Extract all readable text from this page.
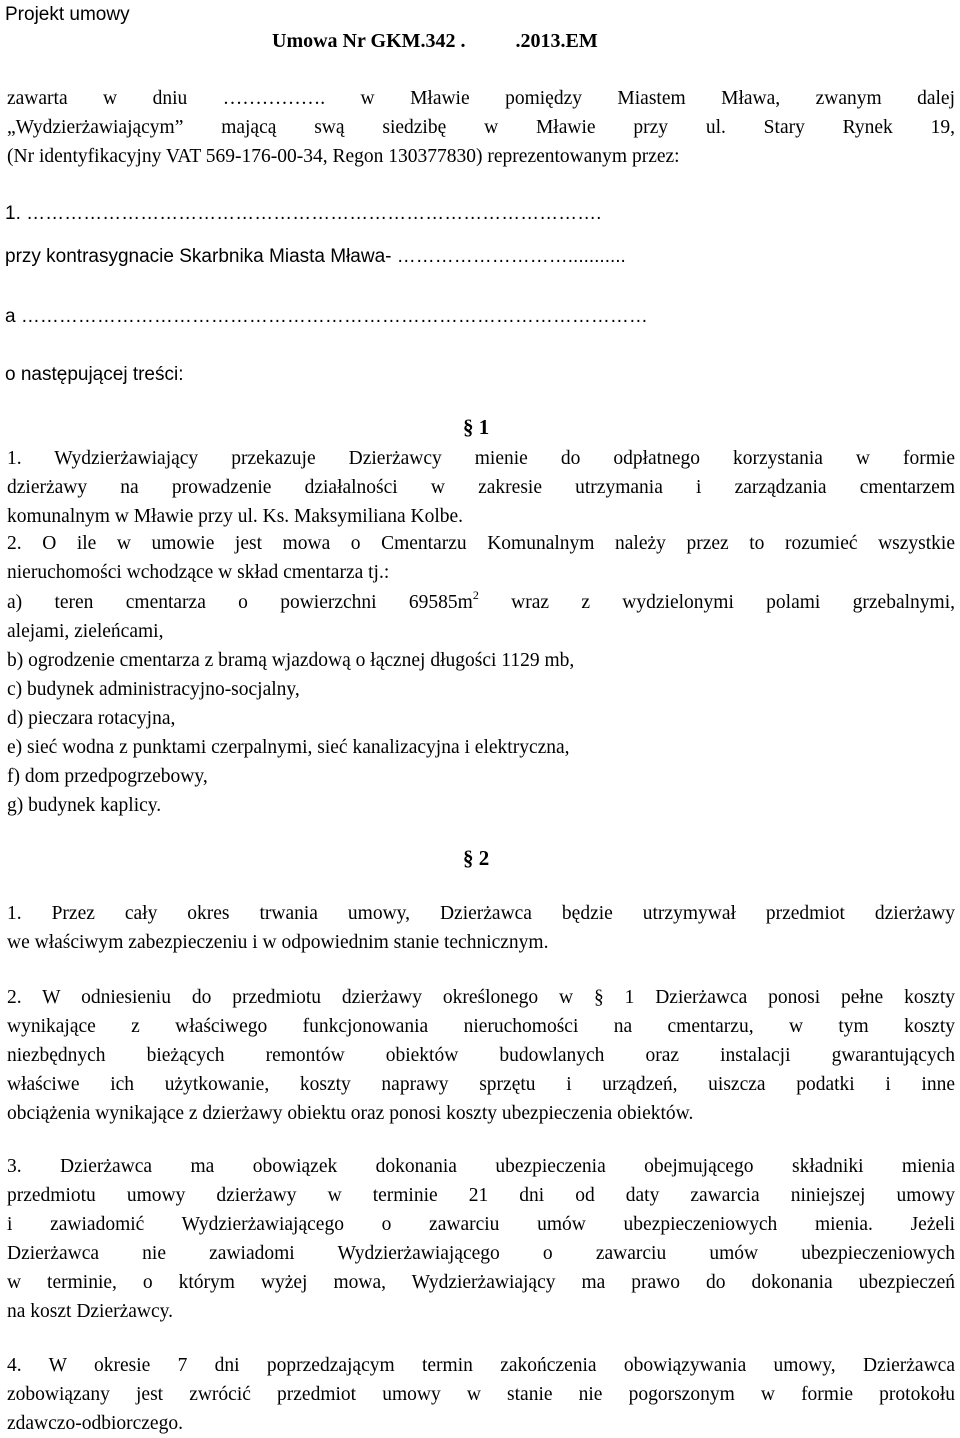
Projekt umowy
Umowa Nr GKM.342 .          .2013.EM
zawarta w dniu ……………. w Mławie pomiędzy Miastem Mława, zwanym dalej
„Wydzierżawiającym” mającą swą siedzibę w Mławie przy ul. Stary Rynek 19,
(Nr identyfikacyjny VAT 569-176-00-34, Regon 130377830) reprezentowanym przez:
1. ……………………………………………………………………………….
przy kontrasygnacie Skarbnika Miasta Mława- ………………………...........
a ………………………………………………………………………………………
o następującej treści:
§ 1
1. Wydzierżawiający przekazuje Dzierżawcy mienie do odpłatnego korzystania w formie
dzierżawy na prowadzenie działalności w zakresie utrzymania i zarządzania cmentarzem
komunalnym w Mławie przy ul. Ks. Maksymiliana Kolbe.
2. O ile w umowie jest mowa o Cmentarzu Komunalnym należy przez to rozumieć wszystkie
nieruchomości wchodzące w skład cmentarza tj.:
a) teren cmentarza o powierzchni $69585m^2$ wraz z wydzielonymi polami grzebalnymi,
alejami, zieleńcami,
b) ogrodzenie cmentarza z bramą wjazdową o łącznej długości 1129 mb,
c) budynek administracyjno-socjalny,
d) pieczara rotacyjna,
e) sieć wodna z punktami czerpalnymi, sieć kanalizacyjna i elektryczna,
f) dom przedpogrzebowy,
g) budynek kaplicy.
§ 2
1. Przez cały okres trwania umowy, Dzierżawca będzie utrzymywał przedmiot dzierżawy
we właściwym zabezpieczeniu i w odpowiednim stanie technicznym.
2. W odniesieniu do przedmiotu dzierżawy określonego w § 1 Dzierżawca ponosi pełne koszty
wynikające z właściwego funkcjonowania nieruchomości na cmentarzu, w tym koszty
niezbędnych bieżących remontów obiektów budowlanych oraz instalacji gwarantujących
właściwe ich użytkowanie, koszty naprawy sprzętu i urządzeń, uiszcza podatki i inne
obciążenia wynikające z dzierżawy obiektu oraz ponosi koszty ubezpieczenia obiektów.
3. Dzierżawca ma obowiązek dokonania ubezpieczenia obejmującego składniki mienia
przedmiotu umowy dzierżawy w terminie 21 dni od daty zawarcia niniejszej umowy
i zawiadomić Wydzierżawiającego o zawarciu umów ubezpieczeniowych mienia. Jeżeli
Dzierżawca nie zawiadomi Wydzierżawiającego o zawarciu umów ubezpieczeniowych
w terminie, o którym wyżej mowa, Wydzierżawiający ma prawo do dokonania ubezpieczeń
na koszt Dzierżawcy.
4. W okresie 7 dni poprzedzającym termin zakończenia obowiązywania umowy, Dzierżawca
zobowiązany jest zwrócić przedmiot umowy w stanie nie pogorszonym w formie protokołu
zdawczo-odbiorczego.
